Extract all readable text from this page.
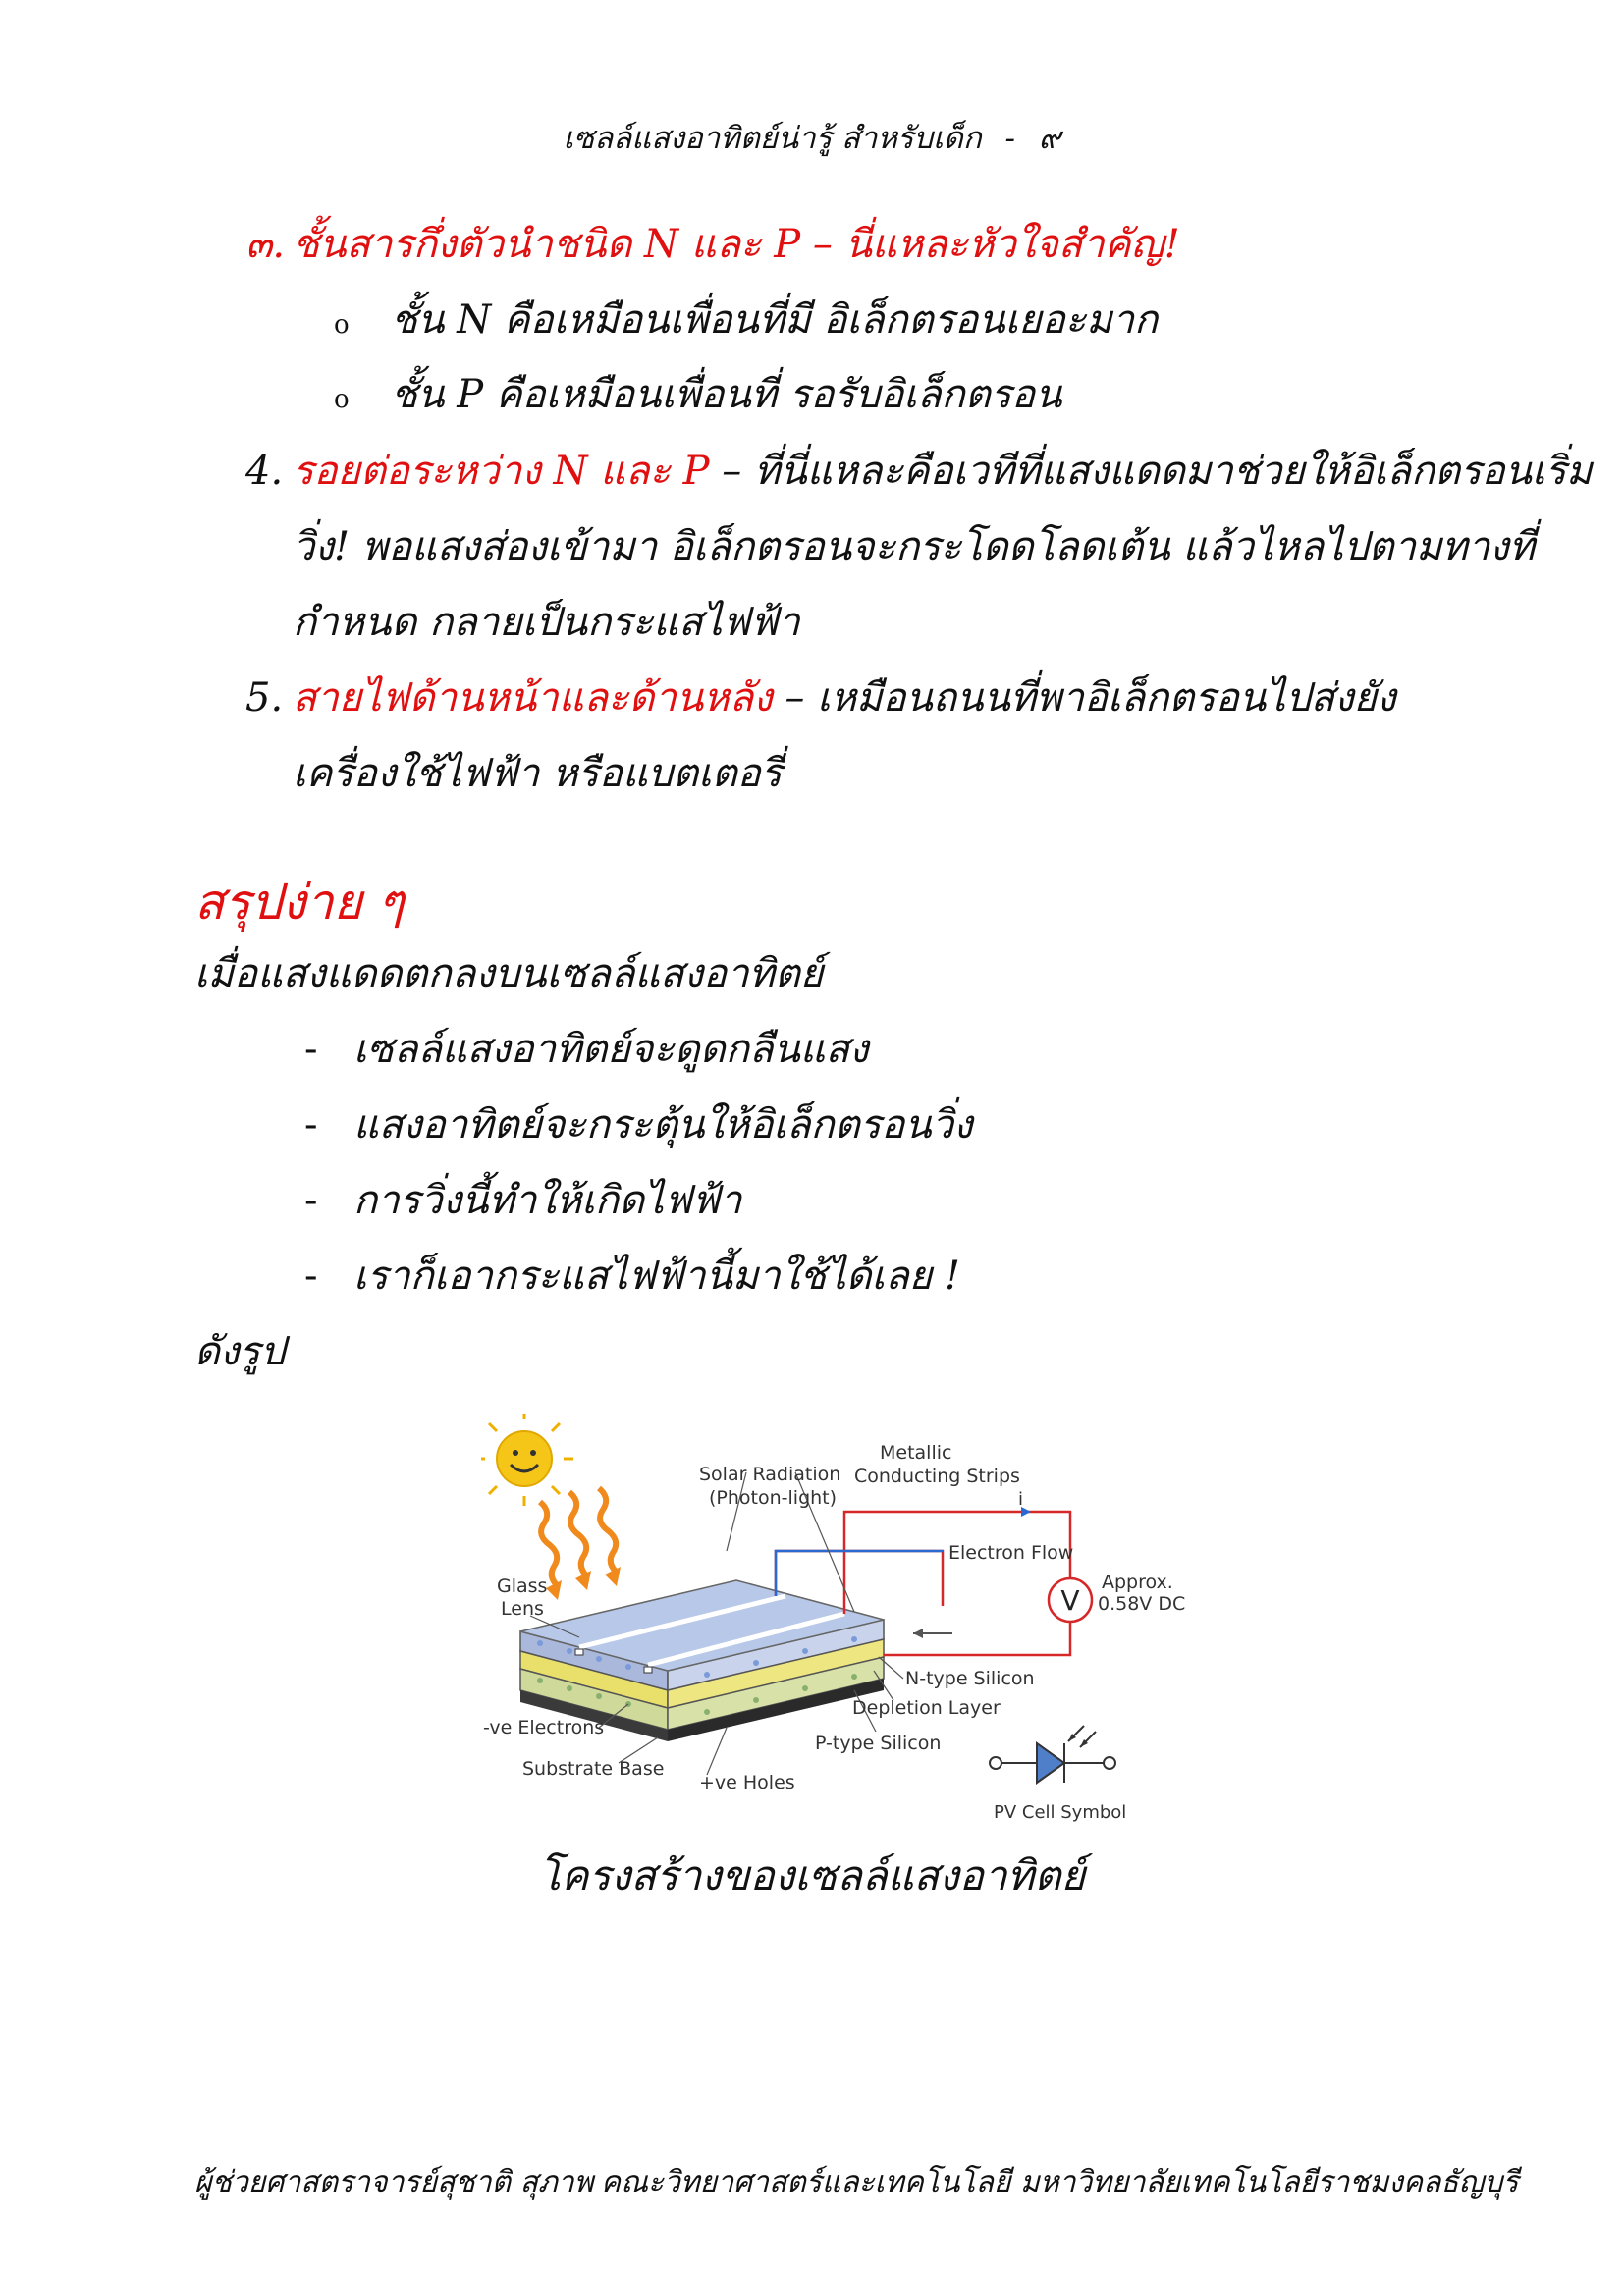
เซลล์แสงอาทิตย์น่ารู้ สำหรับเด็ก - ๙
๓. ชั้นสารกึ่งตัวนำชนิด N และ P – นี่แหละหัวใจสำคัญ!
o ชั้น N คือเหมือนเพื่อนที่มี อิเล็กตรอนเยอะมาก
o ชั้น P คือเหมือนเพื่อนที่ รอรับอิเล็กตรอน
4. รอยต่อระหว่าง N และ P – ที่นี่แหละคือเวทีที่แสงแดดมาช่วยให้อิเล็กตรอนเริ่ม
วิ่ง! พอแสงส่องเข้ามา อิเล็กตรอนจะกระโดดโลดเต้น แล้วไหลไปตามทางที่
กำหนด กลายเป็นกระแสไฟฟ้า
5. สายไฟด้านหน้าและด้านหลัง – เหมือนถนนที่พาอิเล็กตรอนไปส่งยัง
เครื่องใช้ไฟฟ้า หรือแบตเตอรี่
สรุปง่าย ๆ
เมื่อแสงแดดตกลงบนเซลล์แสงอาทิตย์
- เซลล์แสงอาทิตย์จะดูดกลืนแสง
- แสงอาทิตย์จะกระตุ้นให้อิเล็กตรอนวิ่ง
- การวิ่งนี้ทำให้เกิดไฟฟ้า
- เราก็เอากระแสไฟฟ้านี้มาใช้ได้เลย !
ดังรูป
V
Solar Radiation
(Photon-light)
Metallic
Conducting Strips
i
Electron Flow
Approx.
0.58V DC
Glass
Lens
N-type Silicon
Depletion Layer
P-type Silicon
-ve Electrons
Substrate Base
+ve Holes
PV Cell Symbol
โครงสร้างของเซลล์แสงอาทิตย์
ผู้ช่วยศาสตราจารย์สุชาติ สุภาพ คณะวิทยาศาสตร์และเทคโนโลยี มหาวิทยาลัยเทคโนโลยีราชมงคลธัญบุรี
